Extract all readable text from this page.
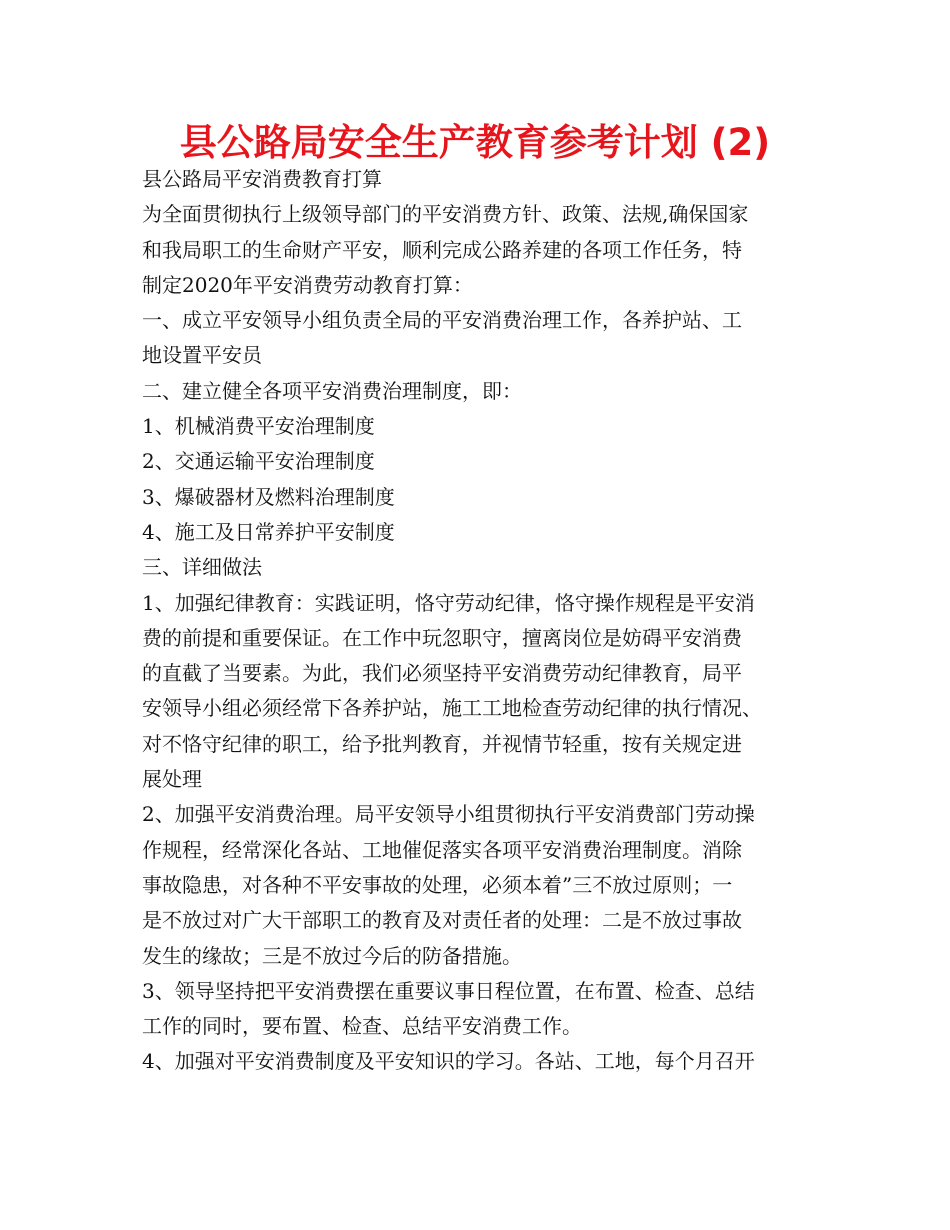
县公路局安全生产教育参考计划 (2)

县公路局平安消费教育打算

为全面贯彻执行上级领导部门的平安消费方针、政策、法规,确保国家

和我局职工的生命财产平安，顺利完成公路养建的各项工作任务，特

制定2020年平安消费劳动教育打算：

一、成立平安领导小组负责全局的平安消费治理工作，各养护站、工

地设置平安员

二、建立健全各项平安消费治理制度，即：

1、机械消费平安治理制度

2、交通运输平安治理制度

3、爆破器材及燃料治理制度

4、施工及日常养护平安制度

三、详细做法

1、加强纪律教育：实践证明，恪守劳动纪律，恪守操作规程是平安消

费的前提和重要保证。在工作中玩忽职守，擅离岗位是妨碍平安消费

的直截了当要素。为此，我们必须坚持平安消费劳动纪律教育，局平

安领导小组必须经常下各养护站，施工工地检查劳动纪律的执行情况、

对不恪守纪律的职工，给予批判教育，并视情节轻重，按有关规定进

展处理

2、加强平安消费治理。局平安领导小组贯彻执行平安消费部门劳动操

作规程，经常深化各站、工地催促落实各项平安消费治理制度。消除

事故隐患，对各种不平安事故的处理，必须本着”三不放过原则；一

是不放过对广大干部职工的教育及对责任者的处理：二是不放过事故

发生的缘故；三是不放过今后的防备措施。

3、领导坚持把平安消费摆在重要议事日程位置，在布置、检查、总结

工作的同时，要布置、检查、总结平安消费工作。

4、加强对平安消费制度及平安知识的学习。各站、工地，每个月召开
